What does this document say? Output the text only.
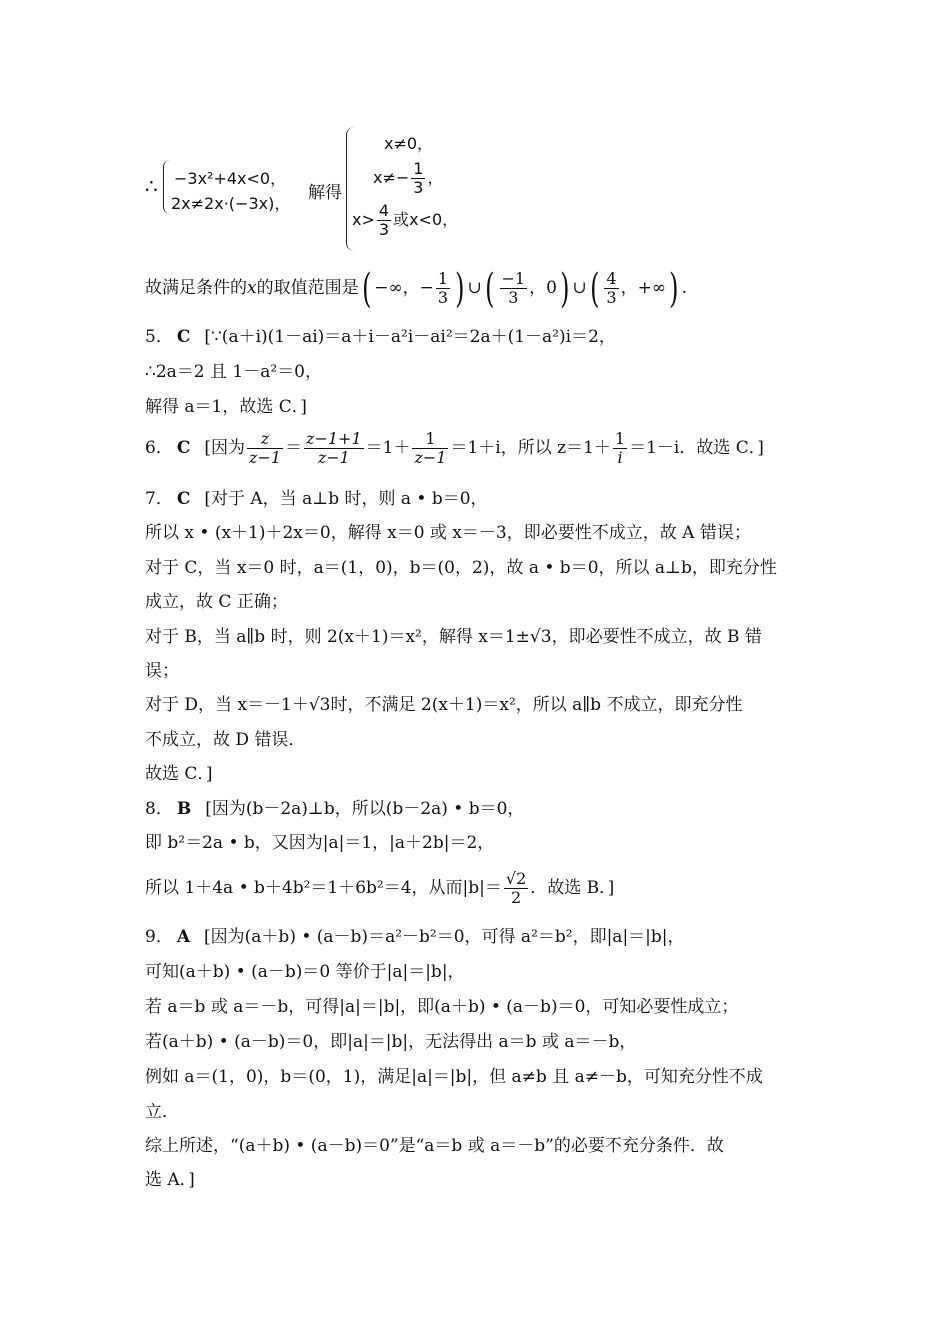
∴ −3x²+4x<0，
2x≠2x·(−3x)，
解得
x≠0，
$x\ne- \frac{1}{3}$ ，
$x> \frac{4}{3}$ 或x<0，
故满足条件的x的取值范围是( −∞，− $\frac{1}{3}$ ) ∪( $\frac{-1}{3}$ ，0) ∪( $\frac{4}{3}$ ，+∞) .
5． C [∵(a＋i)(1－ai)＝a＋i－a²i－ai²＝2a＋(1－a²)i＝2，
∴2a＝2 且 1－a²＝0，
解得 a＝1，故选 C．]
6． C [因为 $\frac{z}{z-1} = \frac{z-1+1}{z-1} =1+ \frac{1}{z-1} =1+i$，所以 $z=1+ \frac{1}{i} =1-i$．故选 C．]
7． C [对于 A，当 a⊥b 时，则 a • b＝0，
所以 x • (x＋1)＋2x＝0，解得 x＝0 或 x＝－3，即必要性不成立，故 A 错误；
对于 C，当 x＝0 时，a＝(1，0)，b＝(0，2)，故 a • b＝0，所以 a⊥b，即充分性
成立，故 C 正确；
对于 B，当 a∥b 时，则 2(x＋1)＝x²，解得 x＝1±√3，即必要性不成立，故 B 错
误；
对于 D，当 x＝－1＋√3时，不满足 2(x＋1)＝x²，所以 a∥b 不成立，即充分性
不成立，故 D 错误．
故选 C．]
8． B [因为(b－2a)⊥b，所以(b－2a) • b＝0，
即 b²＝2a • b，又因为|a|＝1，|a＋2b|＝2，
所以 1＋4a • b＋4b²＝1＋6b²＝4，从而$|b|= \frac{√2}{2}$ ．故选 B．]
9． A [因为(a＋b) • (a－b)＝a²－b²＝0，可得 a²＝b²，即|a|＝|b|，
可知(a＋b) • (a－b)＝0 等价于|a|＝|b|，
若 a＝b 或 a＝－b，可得|a|＝|b|，即(a＋b) • (a－b)＝0，可知必要性成立；
若(a＋b) • (a－b)＝0，即|a|＝|b|，无法得出 a＝b 或 a＝－b，
例如 a＝(1，0)，b＝(0，1)，满足|a|＝|b|，但 a≠b 且 a≠－b，可知充分性不成
立．
综上所述，“(a＋b) • (a－b)＝0”是“a＝b 或 a＝－b”的必要不充分条件．故
选 A．]
